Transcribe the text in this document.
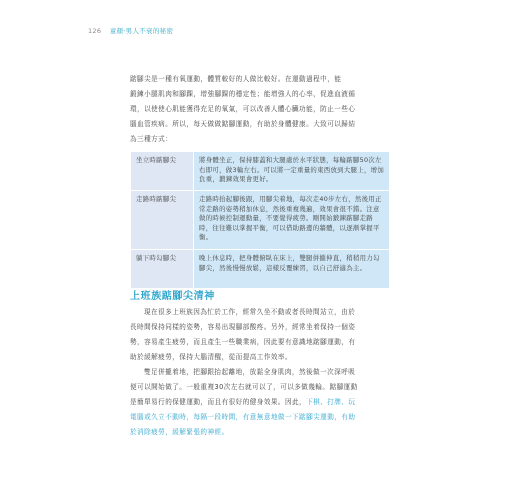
126 童顏‧男人不衰的秘密

踮腳尖是一種有氧運動，體質較好的人做比較好。在運動過程中，能

鍛鍊小腿肌肉和腳踝，增強腳踝的穩定性；能增強人的心率，促進血液循

環，以使使心肌能獲得充足的氧氣，可以改善人體心臟功能，防止一些心

腦血管疾病。所以，每天做做踮腳運動，有助於身體健康。大致可以歸結

為三種方式：

坐立時踮腳尖	將身體坐正，保持膝蓋和大腿處於水平狀態，每輪踮腳50次左右即可，做3輪左右。可以將一定重量的東西放到大腿上，增加負重，鍛鍊效果會更好。
走路時踮腳尖	走路時抬起腳後跟，用腳尖着地，每次走40步左右，然後用正常走路的姿勢稍加休息，然後重複幾遍，效果會很不錯。注意做的時候控制運動量，不要覺得疲勞。剛開始鍛鍊踮腳走路時，往往難以掌握平衡，可以借助路邊的牆體，以逐漸掌握平衡。
躺下時勾腳尖	晚上休息時，把身體俯臥在床上，雙腿併攏伸直，稍稍用力勾腳尖，然後慢慢放鬆，這樣反覆練習，以自己舒適為主。
上班族踮腳尖清神

現在很多上班族因為忙於工作，經常久坐不動或者長時間站立，由於

長時間保持同樣的姿勢，容易出現腳部酸疼。另外，經常坐着保持一個姿

勢，容易產生疲勞，而且產生一些職業病，因此要有意識地踮腳運動，有

助於緩解疲勞，保持大腦清醒，從而提高工作效率。

雙足併攏着地，把腳跟抬起離地，放鬆全身肌肉，然後做一次深呼吸

便可以開始做了。一般重複30次左右就可以了，可以多做幾輪。踮腳運動

是簡單易行的保健運動，而且有很好的健身效果。因此，下棋、打牌、玩

電腦或久立不動時，每隔一段時間，有意無意地做一下踮腳尖運動，有助

於消除疲勞，緩解緊張的神經。
